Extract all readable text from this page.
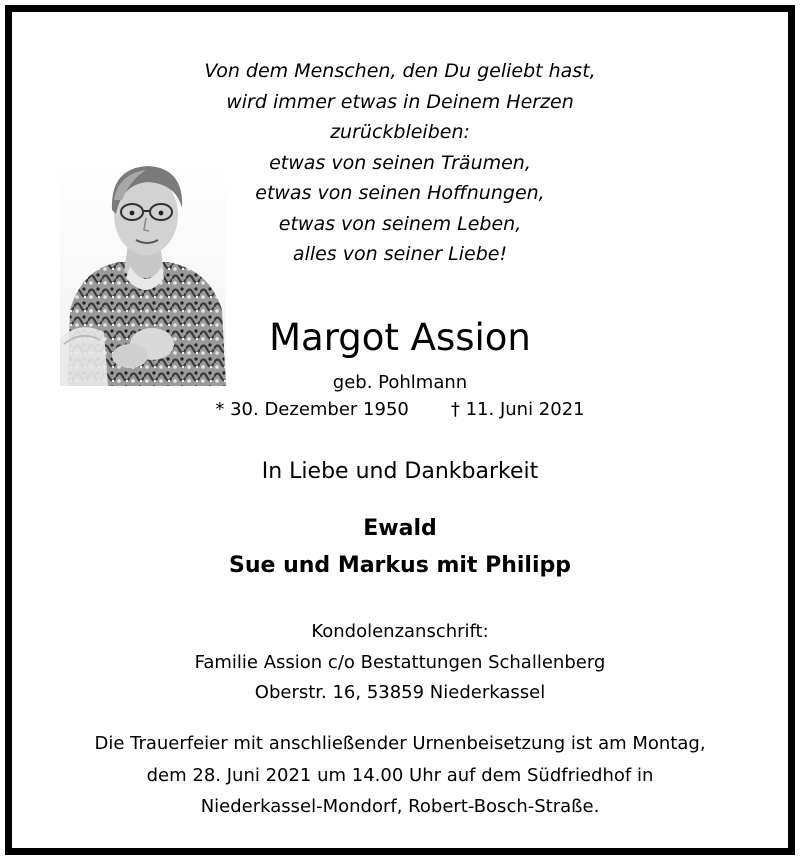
Von dem Menschen, den Du geliebt hast,
wird immer etwas in Deinem Herzen
zurückbleiben:
etwas von seinen Träumen,
etwas von seinen Hoffnungen,
etwas von seinem Leben,
alles von seiner Liebe!
Margot Assion
geb. Pohlmann
* 30. Dezember 1950 † 11. Juni 2021
In Liebe und Dankbarkeit
Ewald
Sue und Markus mit Philipp
Kondolenzanschrift:
Familie Assion c/o Bestattungen Schallenberg
Oberstr. 16, 53859 Niederkassel
Die Trauerfeier mit anschließender Urnenbeisetzung ist am Montag,
dem 28. Juni 2021 um 14.00 Uhr auf dem Südfriedhof in
Niederkassel-Mondorf, Robert-Bosch-Straße.
